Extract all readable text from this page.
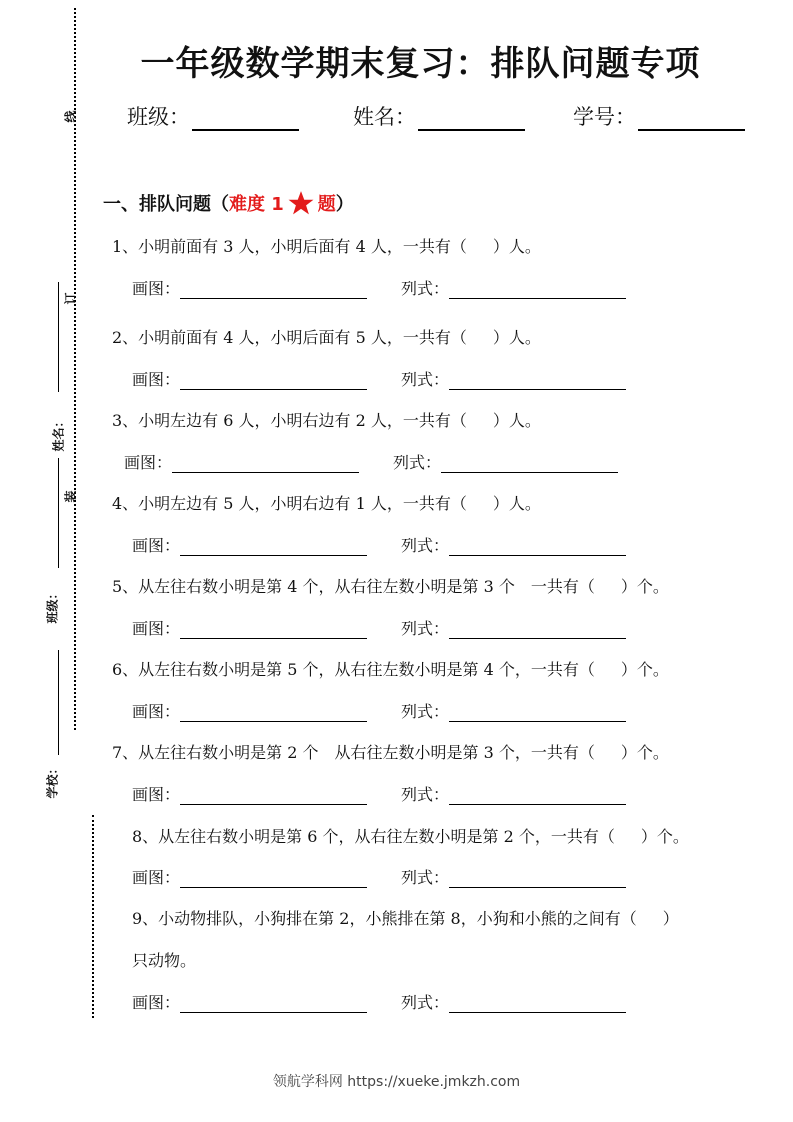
线
订
装
姓名：
班级：
学校：
一年级数学期末复习：排队问题专项
班级：	姓名：	学号：
一、排队问题（难度 1 题）
1、小明前面有 3 人，小明后面有 4 人，一共有（ ）人。
画图：	列式：
2、小明前面有 4 人，小明后面有 5 人，一共有（ ）人。
画图：	列式：
3、小明左边有 6 人，小明右边有 2 人，一共有（ ）人。
画图：	列式：
4、小明左边有 5 人，小明右边有 1 人，一共有（ ）人。
画图：	列式：
5、从左往右数小明是第 4 个，从右往左数小明是第 3 个　一共有（ ）个。
画图：	列式：
6、从左往右数小明是第 5 个，从右往左数小明是第 4 个，一共有（ ）个。
画图：	列式：
7、从左往右数小明是第 2 个　从右往左数小明是第 3 个，一共有（ ）个。
画图：	列式：
8、从左往右数小明是第 6 个，从右往左数小明是第 2 个，一共有（ ）个。
画图：	列式：
9、小动物排队，小狗排在第 2，小熊排在第 8，小狗和小熊的之间有（ ）
只动物。
画图：	列式：
领航学科网 https://xueke.jmkzh.com
